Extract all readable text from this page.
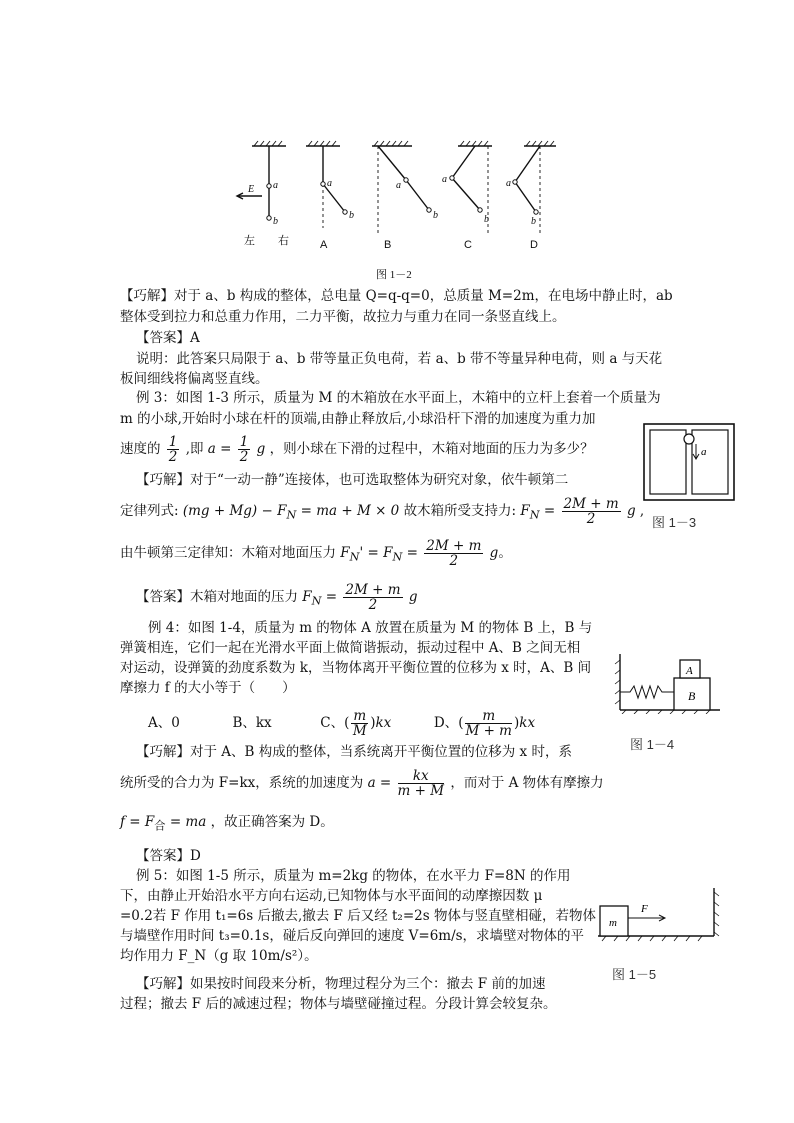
E a
b
a
b
a
b
a
b
a
b
左 右	A	B	C	D
图 1－2
【巧解】对于 a、b 构成的整体，总电量 Q=q-q=0，总质量 M=2m，在电场中静止时，ab
整体受到拉力和总重力作用，二力平衡，故拉力与重力在同一条竖直线上。
【答案】A
说明：此答案只局限于 a、b 带等量正负电荷，若 a、b 带不等量异种电荷，则 a 与天花
板间细线将偏离竖直线。
例 3：如图 1-3 所示，质量为 M 的木箱放在水平面上，木箱中的立杆上套着一个质量为
m 的小球,开始时小球在杆的顶端,由静止释放后,小球沿杆下滑的加速度为重力加
速度的 $\frac{1}{2}$ ,即 $a = \frac{1}{2}$ g ，则小球在下滑的过程中，木箱对地面的压力为多少？
【巧解】对于“一动一静”连接体，也可选取整体为研究对象，依牛顿第二
定律列式: $(mg + Mg) - F_N$ = ma + M × 0 故木箱所受支持力: $F_N = \frac{2M + m}{2}$ g ,
由牛顿第三定律知：木箱对地面压力 $F_N' = F_N = \frac{2M + m}{2}$ g。
【答案】木箱对地面的压力 $F_N = \frac{2M + m}{2}$ g
例 4：如图 1-4，质量为 m 的物体 A 放置在质量为 M 的物体 B 上，B 与
弹簧相连，它们一起在光滑水平面上做简谐振动，振动过程中 A、B 之间无相
对运动，设弹簧的劲度系数为 k，当物体离开平衡位置的位移为 x 时，A、B 间
摩擦力 f 的大小等于（　　）
A、0	B、kx	C、( $\frac{m}{M} )kx$	D、( $\frac{m}{M + m} )kx$
【巧解】对于 A、B 构成的整体，当系统离开平衡位置的位移为 x 时，系
统所受的合力为 F=kx，系统的加速度为 $a = \frac{kx}{m + M}$ ，而对于 A 物体有摩擦力
$f = F_合$ = ma ，故正确答案为 D。
【答案】D
例 5：如图 1-5 所示，质量为 m=2kg 的物体，在水平力 F=8N 的作用
下，由静止开始沿水平方向右运动,已知物体与水平面间的动摩擦因数 μ
=0.2若 F 作用 t₁=6s 后撤去,撤去 F 后又经 t₂=2s 物体与竖直壁相碰，若物体
与墙壁作用时间 t₃=0.1s，碰后反向弹回的速度 V=6m/s，求墙壁对物体的平
均作用力 F_N（g 取 10m/s²）。
【巧解】如果按时间段来分析，物理过程分为三个：撤去 F 前的加速
过程；撤去 F 后的减速过程；物体与墙壁碰撞过程。分段计算会较复杂。
a
图 1－3
A
B
图 1－4
m
F
图 1－5
